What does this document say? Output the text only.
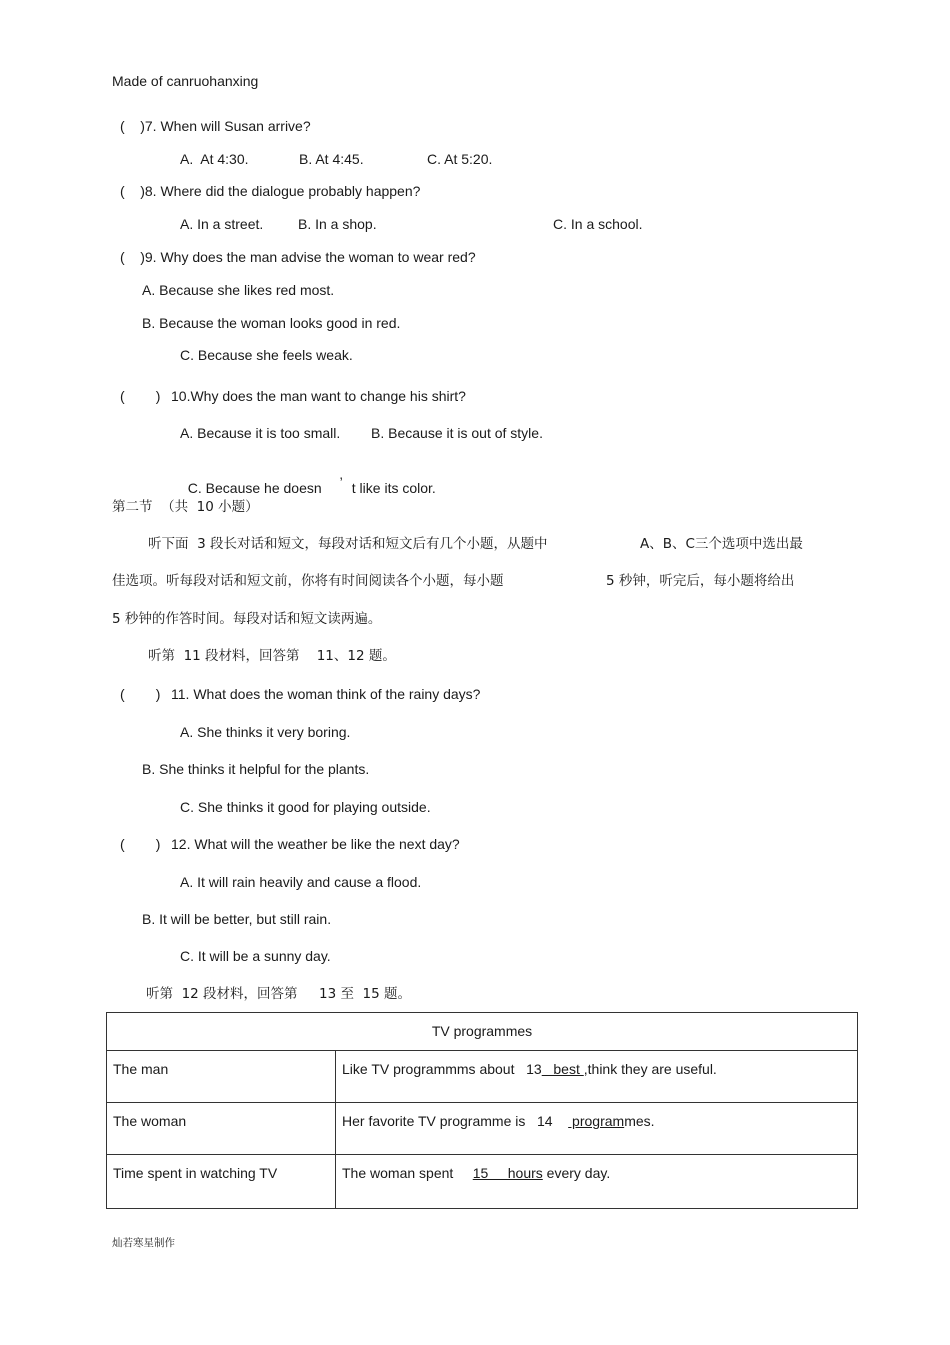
Made of canruohanxing
(    )7. When will Susan arrive?
A.  At 4:30.	B. At 4:45.	C. At 5:20.
(    )8. Where did the dialogue probably happen?
A. In a street. B. In a shop.	C. In a school.
(    )9. Why does the man advise the woman to wear red?
A. Because she likes red most.
B. Because the woman looks good in red.
C. Because she feels weak.
(        ) 10.Why does the man want to change his shirt?
A. Because it is too small. B. Because it is out of style.

C. Because he doesn ’ t like its color.

第二节  （共  10 小题）
听下面  3 段长对话和短文，每段对话和短文后有几个小题，从题中	A、B、C三个选项中选出最
佳选项。听每段对话和短文前，你将有时间阅读各个小题，每小题	5 秒钟，听完后，每小题将给出
5 秒钟的作答时间。每段对话和短文读两遍。
听第  11 段材料，回答第    11、12 题。
(        ) 11. What does the woman think of the rainy days?
A. She thinks it very boring.
B. She thinks it helpful for the plants.
C. She thinks it good for playing outside.
(        ) 12. What will the weather be like the next day?
A. It will rain heavily and cause a flood.
B. It will be better, but still rain.
C. It will be a sunny day.
听第  12 段材料，回答第     13 至  15 题。
TV programmes	
The man	Like TV programmms about   13   best ,think they are useful.
The woman	Her favorite TV programme is   14     programmes.
Time spent in watching TV	The woman spent     15     hours every day.
灿若寒星制作
